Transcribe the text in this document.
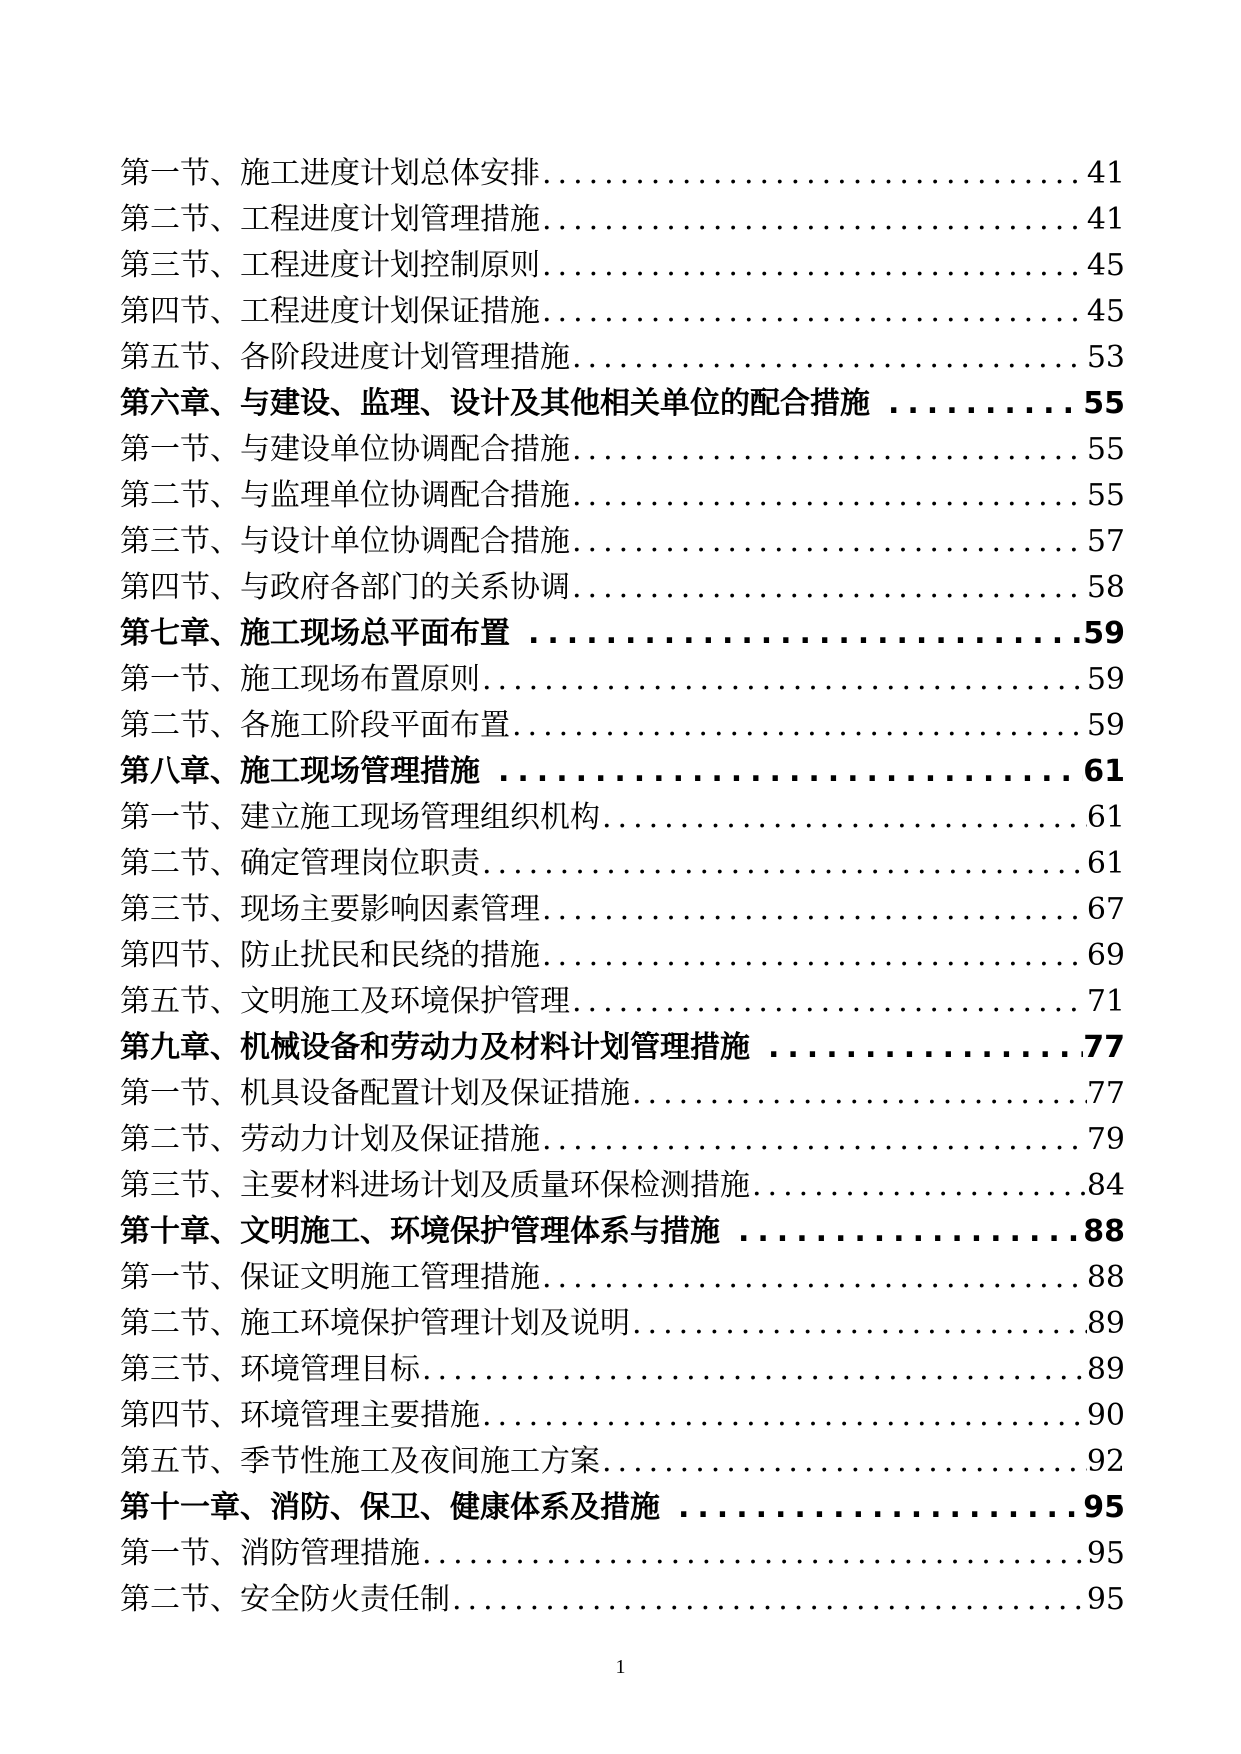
第一节、施工进度计划总体安排 .....	41
第二节、工程进度计划管理措施 .....	41
第三节、工程进度计划控制原则 .....	45
第四节、工程进度计划保证措施 .....	45
第五节、各阶段进度计划管理措施 .....	53
第六章、与建设、监理、设计及其他相关单位的配合措施 .....	55
第一节、与建设单位协调配合措施 .....	55
第二节、与监理单位协调配合措施 .....	55
第三节、与设计单位协调配合措施 .....	57
第四节、与政府各部门的关系协调 .....	58
第七章、施工现场总平面布置 .....	59
第一节、施工现场布置原则 .....	59
第二节、各施工阶段平面布置 .....	59
第八章、施工现场管理措施 .....	61
第一节、建立施工现场管理组织机构 .....	61
第二节、确定管理岗位职责 .....	61
第三节、现场主要影响因素管理 .....	67
第四节、防止扰民和民绕的措施 .....	69
第五节、文明施工及环境保护管理 .....	71
第九章、机械设备和劳动力及材料计划管理措施 .....	77
第一节、机具设备配置计划及保证措施 .....	77
第二节、劳动力计划及保证措施 .....	79
第三节、主要材料进场计划及质量环保检测措施 .....	84
第十章、文明施工、环境保护管理体系与措施 .....	88
第一节、保证文明施工管理措施 .....	88
第二节、施工环境保护管理计划及说明 .....	89
第三节、环境管理目标 .....	89
第四节、环境管理主要措施 .....	90
第五节、季节性施工及夜间施工方案 .....	92
第十一章、消防、保卫、健康体系及措施 .....	95
第一节、消防管理措施 .....	95
第二节、安全防火责任制 .....	95
1
